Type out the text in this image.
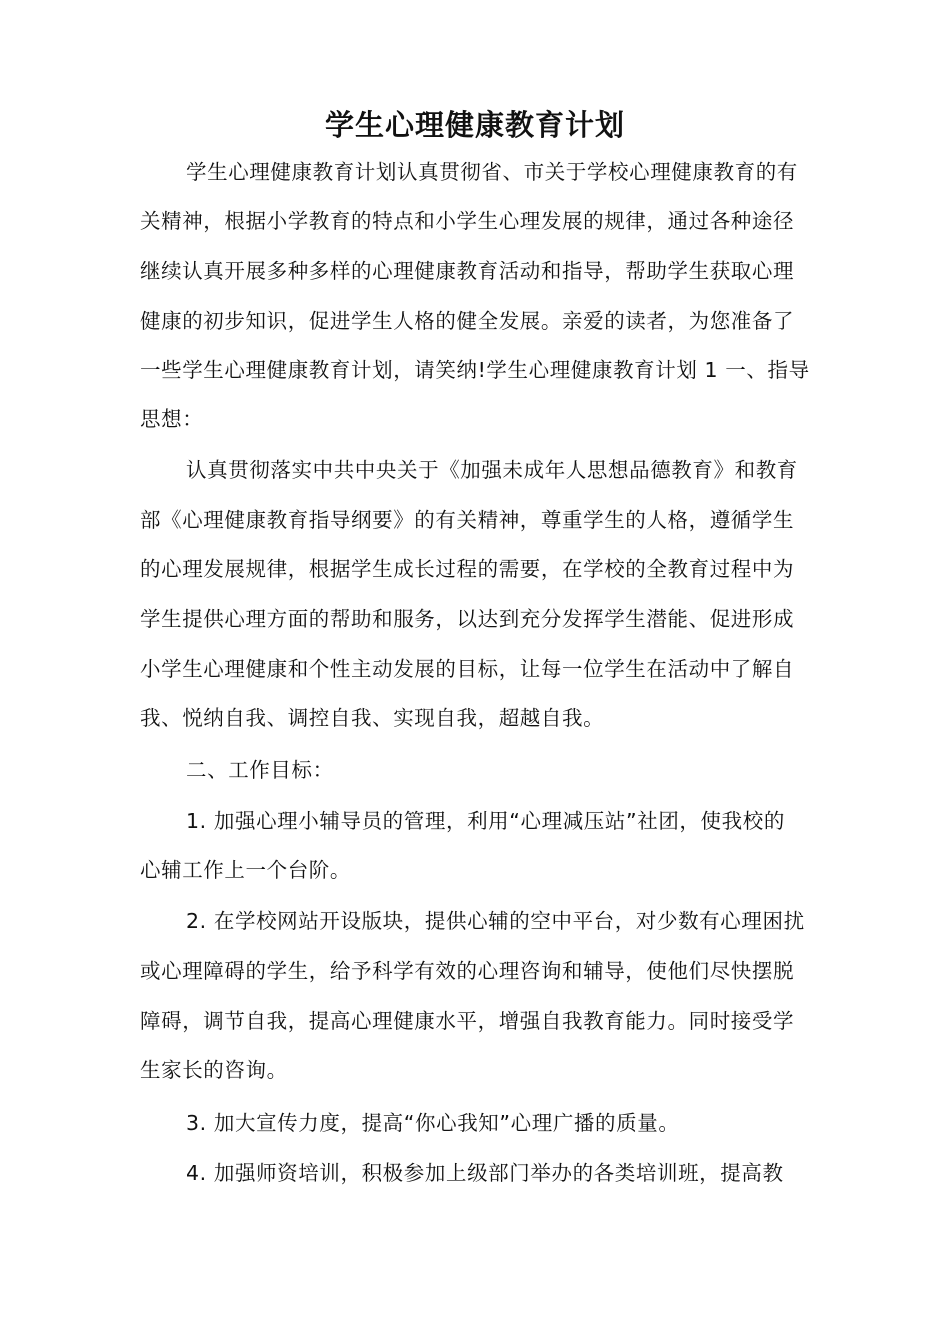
学生心理健康教育计划
学生心理健康教育计划认真贯彻省、市关于学校心理健康教育的有
关精神，根据小学教育的特点和小学生心理发展的规律，通过各种途径
继续认真开展多种多样的心理健康教育活动和指导，帮助学生获取心理
健康的初步知识，促进学生人格的健全发展。亲爱的读者，为您准备了
一些学生心理健康教育计划，请笑纳!学生心理健康教育计划 1 一、指导
思想：
认真贯彻落实中共中央关于《加强未成年人思想品德教育》和教育
部《心理健康教育指导纲要》的有关精神，尊重学生的人格，遵循学生
的心理发展规律，根据学生成长过程的需要，在学校的全教育过程中为
学生提供心理方面的帮助和服务，以达到充分发挥学生潜能、促进形成
小学生心理健康和个性主动发展的目标，让每一位学生在活动中了解自
我、悦纳自我、调控自我、实现自我，超越自我。
二、工作目标：
1. 加强心理小辅导员的管理，利用“心理减压站”社团，使我校的
心辅工作上一个台阶。
2. 在学校网站开设版块，提供心辅的空中平台，对少数有心理困扰
或心理障碍的学生，给予科学有效的心理咨询和辅导，使他们尽快摆脱
障碍，调节自我，提高心理健康水平，增强自我教育能力。同时接受学
生家长的咨询。
3. 加大宣传力度，提高“你心我知”心理广播的质量。
4. 加强师资培训，积极参加上级部门举办的各类培训班，提高教
